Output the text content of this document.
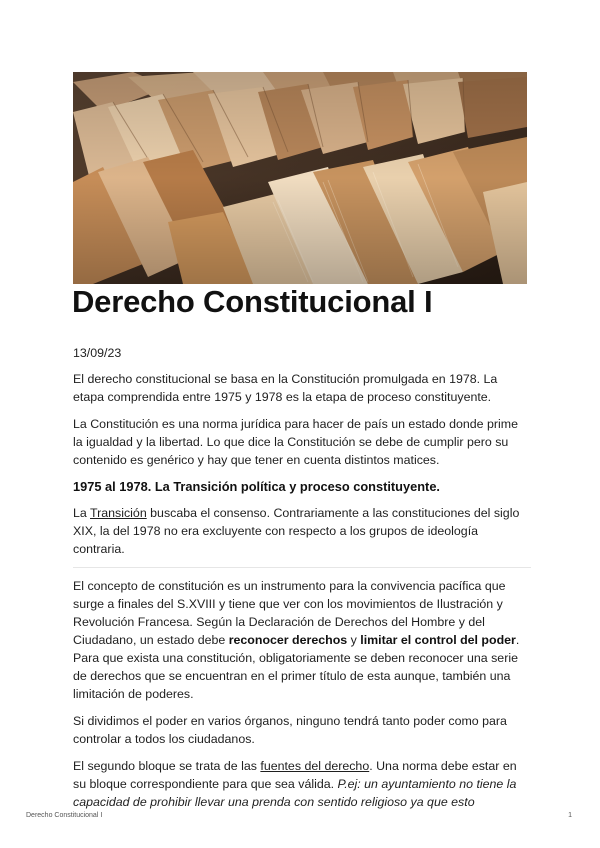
Derecho Constitucional I

13/09/23

El derecho constitucional se basa en la Constitución promulgada en 1978. La etapa comprendida entre 1975 y 1978 es la etapa de proceso constituyente.

La Constitución es una norma jurídica para hacer de país un estado donde prime la igualdad y la libertad. Lo que dice la Constitución se debe de cumplir pero su contenido es genérico y hay que tener en cuenta distintos matices.

1975 al 1978. La Transición política y proceso constituyente.

La Transición buscaba el consenso. Contrariamente a las constituciones del siglo XIX, la del 1978 no era excluyente con respecto a los grupos de ideología contraria.

El concepto de constitución es un instrumento para la convivencia pacífica que surge a finales del S.XVIII y tiene que ver con los movimientos de Ilustración y Revolución Francesa. Según la Declaración de Derechos del Hombre y del Ciudadano, un estado debe reconocer derechos y limitar el control del poder. Para que exista una constitución, obligatoriamente se deben reconocer una serie de derechos que se encuentran en el primer título de esta aunque, también una limitación de poderes.

Si dividimos el poder en varios órganos, ninguno tendrá tanto poder como para controlar a todos los ciudadanos.

El segundo bloque se trata de las fuentes del derecho. Una norma debe estar en su bloque correspondiente para que sea válida. P.ej: un ayuntamiento no tiene la capacidad de prohibir llevar una prenda con sentido religioso ya que esto

Derecho Constitucional I	1
